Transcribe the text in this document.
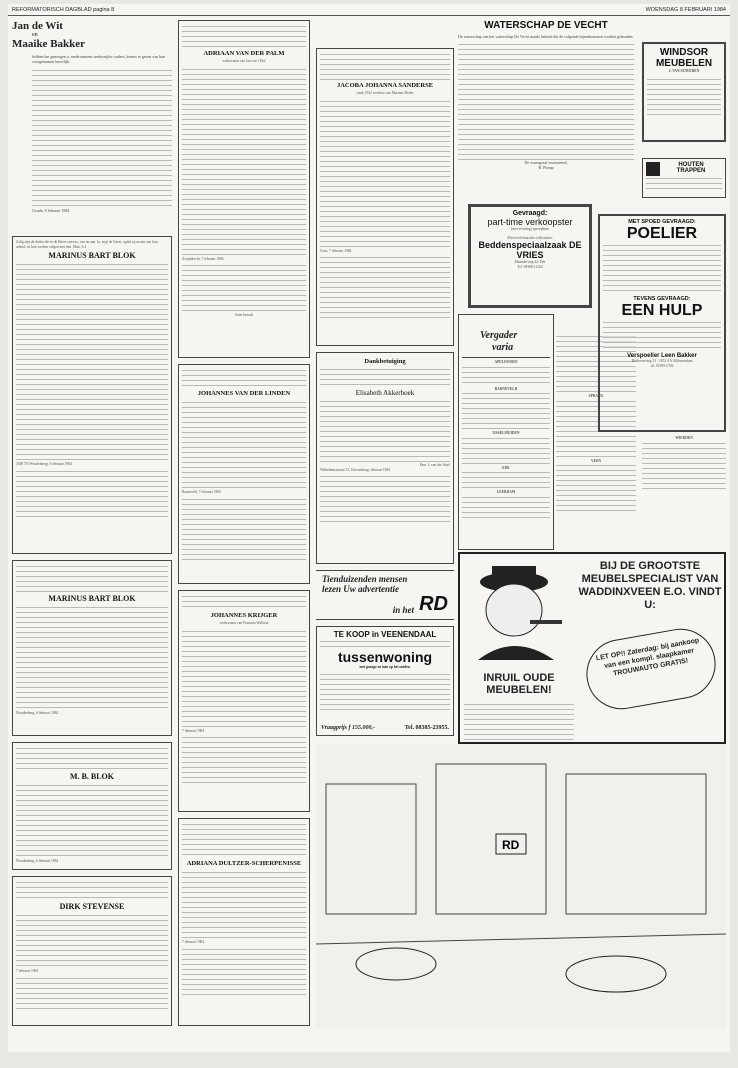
REFORMATORISCH DAGBLAD pagina 8	WOENSDAG 8 FEBRUARI 1984
Jan de Wit
en
Maaike Bakker
hebben het genoegen u, mede namens wederzijdse ouders, kennis te geven van hun voorgenomen huwelijk.
Gouda, 8 februari 1984
Zalig zijn de doden die in de Heere sterven, van nu aan. Ja, zegt de Geest, opdat zij rusten van hun arbeid; en hun werken volgen met hen. Matt. 5:4
MARINUS BART BLOK
3300 TN Woudenberg, 6 februari 1984
MARINUS BART BLOK
Woudenberg, 6 februari 1984
M. B. BLOK
Woudenberg, 6 februari 1984
DIRK STEVENSE
7 februari 1984
ADRIAAN VAN DER PALM
weduwnaar van Jaa van 't Hof
Zwijndrecht, 7 februari 1984
Geen bezoek
JOHANNES VAN DER LINDEN
Barneveld, 7 februari 1984
JOHANNES KRIJGER
weduwnaar van Francina Walhout
7 februari 1984
ADRIANA DULTZER-SCHERPENISSE
7 februari 1984
JACOBA JOHANNA SANDERSE
sinds 1932 weduwe van Marinus Bolier
Goes, 7 februari 1984
Dankbetuiging
Elisabeth Akkerhoek
Fam. J. van der Stoel
Wilhelminastraat 33, Giessenburg, februari 1984
Tienduizenden mensen
lezen Uw advertentie
in het RD
TE KOOP in VEENENDAAL
tussenwoning
met garage en tuin op het zuiden.
Vraagprijs f 155.000,-	Tel. 08385-23955.
WATERSCHAP DE VECHT
De waterschap van het waterschap De Vecht maakt bekend dat de volgende bijeenkomsten worden gehouden.
De watergraaf voornoemd,
R. Plomp
Gevraagd:
part-time verkoopster
(met ervaring) oproepbaar
Alleen telefonische sollicitaties:
Beddenspeciaalzaak DE VRIES
Maanderweg 44, Ede
Tel. 08380-11452
Vergader
varia
APELDOORN
BARNEVELD
IJSSELMUIDEN
EDE
LEERDAM
SPRANG
VEEN
WINDSOR
MEUBELEN
J. VAN STAVEREN
HOUTEN
TRAPPEN
MET SPOED GEVRAAGD:
POELIER
TEVENS GEVRAAGD:
EEN HULP
Verspoelier Leen Bakker
Blokweerweg 13 - 2953 AA Alblasserdam
tel. 01859-2702
WIERDEN
BIJ DE GROOTSTE MEUBELSPECIALIST VAN WADDINXVEEN E.O. VINDT U:
INRUIL OUDE MEUBELEN!
LET OP!! Zaterdag: bij aankoop van een kompl. slaapkamer TROUWAUTO GRATIS!
RD
